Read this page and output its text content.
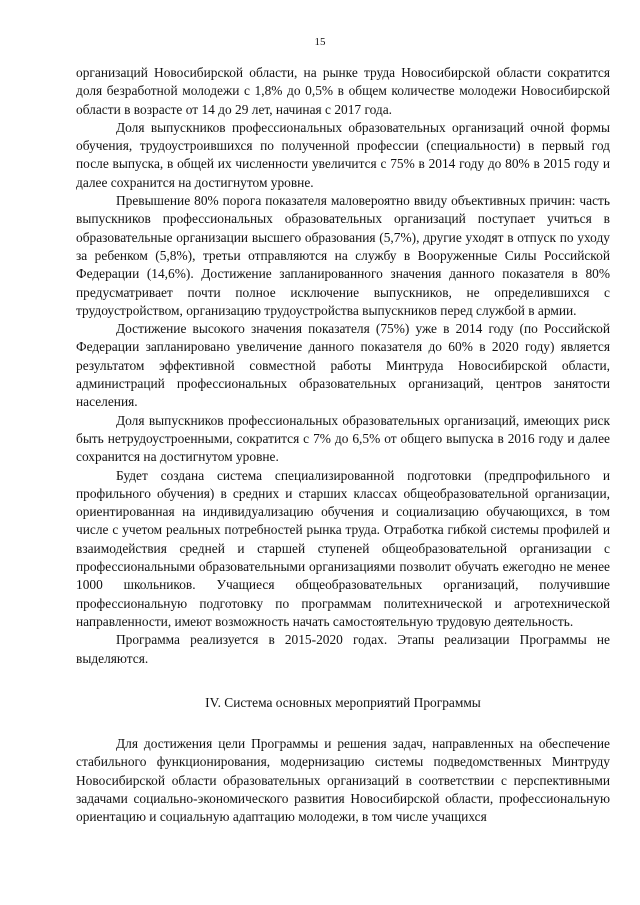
15

организаций Новосибирской области, на рынке труда Новосибирской области сократится доля безработной молодежи с 1,8% до 0,5% в общем количестве молодежи Новосибирской области в возрасте от 14 до 29 лет, начиная с 2017 года.

Доля выпускников профессиональных образовательных организаций очной формы обучения, трудоустроившихся по полученной профессии (специальности) в первый год после выпуска, в общей их численности увеличится с 75% в 2014 году до 80% в 2015 году и далее сохранится на достигнутом уровне.

Превышение 80% порога показателя маловероятно ввиду объективных причин: часть выпускников профессиональных образовательных организаций поступает учиться в образовательные организации высшего образования (5,7%), другие уходят в отпуск по уходу за ребенком (5,8%), третьи отправляются на службу в Вооруженные Силы Российской Федерации (14,6%). Достижение запланированного значения данного показателя в 80% предусматривает почти полное исключение выпускников, не определившихся с трудоустройством, организацию трудоустройства выпускников перед службой в армии.

Достижение высокого значения показателя (75%) уже в 2014 году (по Российской Федерации запланировано увеличение данного показателя до 60% в 2020 году) является результатом эффективной совместной работы Минтруда Новосибирской области, администраций профессиональных образовательных организаций, центров занятости населения.

Доля выпускников профессиональных образовательных организаций, имеющих риск быть нетрудоустроенными, сократится с 7% до 6,5% от общего выпуска в 2016 году и далее сохранится на достигнутом уровне.

Будет создана система специализированной подготовки (предпрофильного и профильного обучения) в средних и старших классах общеобразовательной организации, ориентированная на индивидуализацию обучения и социализацию обучающихся, в том числе с учетом реальных потребностей рынка труда. Отработка гибкой системы профилей и взаимодействия средней и старшей ступеней общеобразовательной организации с профессиональными образовательными организациями позволит обучать ежегодно не менее 1000 школьников. Учащиеся общеобразовательных организаций, получившие профессиональную подготовку по программам политехнической и агротехнической направленности, имеют возможность начать самостоятельную трудовую деятельность.

Программа реализуется в 2015-2020 годах. Этапы реализации Программы не выделяются.

IV. Система основных мероприятий Программы

Для достижения цели Программы и решения задач, направленных на обеспечение стабильного функционирования, модернизацию системы подведомственных Минтруду Новосибирской области образовательных организаций в соответствии с перспективными задачами социально-экономического развития Новосибирской области, профессиональную ориентацию и социальную адаптацию молодежи, в том числе учащихся
